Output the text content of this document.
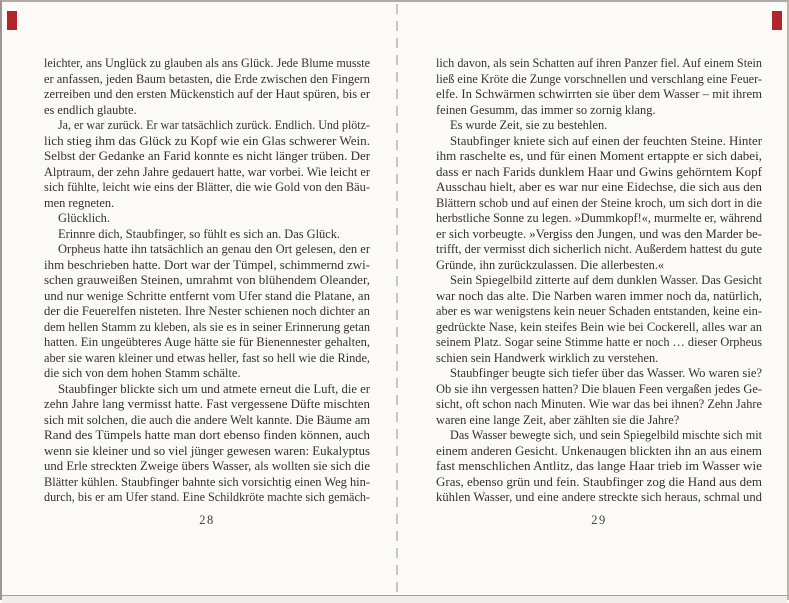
leichter, ans Unglück zu glauben als ans Glück. Jede Blume musste
er anfassen, jeden Baum betasten, die Erde zwischen den Fingern
zerreiben und den ersten Mückenstich auf der Haut spüren, bis er
es endlich glaubte.
Ja, er war zurück. Er war tatsächlich zurück. Endlich. Und plötz-
lich stieg ihm das Glück zu Kopf wie ein Glas schwerer Wein.
Selbst der Gedanke an Farid konnte es nicht länger trüben. Der
Alptraum, der zehn Jahre gedauert hatte, war vorbei. Wie leicht er
sich fühlte, leicht wie eins der Blätter, die wie Gold von den Bäu-
men regneten.
Glücklich.
Erinnre dich, Staubfinger, so fühlt es sich an. Das Glück.
Orpheus hatte ihn tatsächlich an genau den Ort gelesen, den er
ihm beschrieben hatte. Dort war der Tümpel, schimmernd zwi-
schen grauweißen Steinen, umrahmt von blühendem Oleander,
und nur wenige Schritte entfernt vom Ufer stand die Platane, an
der die Feuerelfen nisteten. Ihre Nester schienen noch dichter an
dem hellen Stamm zu kleben, als sie es in seiner Erinnerung getan
hatten. Ein ungeübteres Auge hätte sie für Bienennester gehalten,
aber sie waren kleiner und etwas heller, fast so hell wie die Rinde,
die sich von dem hohen Stamm schälte.
Staubfinger blickte sich um und atmete erneut die Luft, die er
zehn Jahre lang vermisst hatte. Fast vergessene Düfte mischten
sich mit solchen, die auch die andere Welt kannte. Die Bäume am
Rand des Tümpels hatte man dort ebenso finden können, auch
wenn sie kleiner und so viel jünger gewesen waren: Eukalyptus
und Erle streckten Zweige übers Wasser, als wollten sie sich die
Blätter kühlen. Staubfinger bahnte sich vorsichtig einen Weg hin-
durch, bis er am Ufer stand. Eine Schildkröte machte sich gemäch-
28
lich davon, als sein Schatten auf ihren Panzer fiel. Auf einem Stein
ließ eine Kröte die Zunge vorschnellen und verschlang eine Feuer-
elfe. In Schwärmen schwirrten sie über dem Wasser – mit ihrem
feinen Gesumm, das immer so zornig klang.
Es wurde Zeit, sie zu bestehlen.
Staubfinger kniete sich auf einen der feuchten Steine. Hinter
ihm raschelte es, und für einen Moment ertappte er sich dabei,
dass er nach Farids dunklem Haar und Gwins gehörntem Kopf
Ausschau hielt, aber es war nur eine Eidechse, die sich aus den
Blättern schob und auf einen der Steine kroch, um sich dort in die
herbstliche Sonne zu legen. »Dummkopf!«, murmelte er, während
er sich vorbeugte. »Vergiss den Jungen, und was den Marder be-
trifft, der vermisst dich sicherlich nicht. Außerdem hattest du gute
Gründe, ihn zurückzulassen. Die allerbesten.«
Sein Spiegelbild zitterte auf dem dunklen Wasser. Das Gesicht
war noch das alte. Die Narben waren immer noch da, natürlich,
aber es war wenigstens kein neuer Schaden entstanden, keine ein-
gedrückte Nase, kein steifes Bein wie bei Cockerell, alles war an
seinem Platz. Sogar seine Stimme hatte er noch … dieser Orpheus
schien sein Handwerk wirklich zu verstehen.
Staubfinger beugte sich tiefer über das Wasser. Wo waren sie?
Ob sie ihn vergessen hatten? Die blauen Feen vergaßen jedes Ge-
sicht, oft schon nach Minuten. Wie war das bei ihnen? Zehn Jahre
waren eine lange Zeit, aber zählten sie die Jahre?
Das Wasser bewegte sich, und sein Spiegelbild mischte sich mit
einem anderen Gesicht. Unkenaugen blickten ihn an aus einem
fast menschlichen Antlitz, das lange Haar trieb im Wasser wie
Gras, ebenso grün und fein. Staubfinger zog die Hand aus dem
kühlen Wasser, und eine andere streckte sich heraus, schmal und
29
